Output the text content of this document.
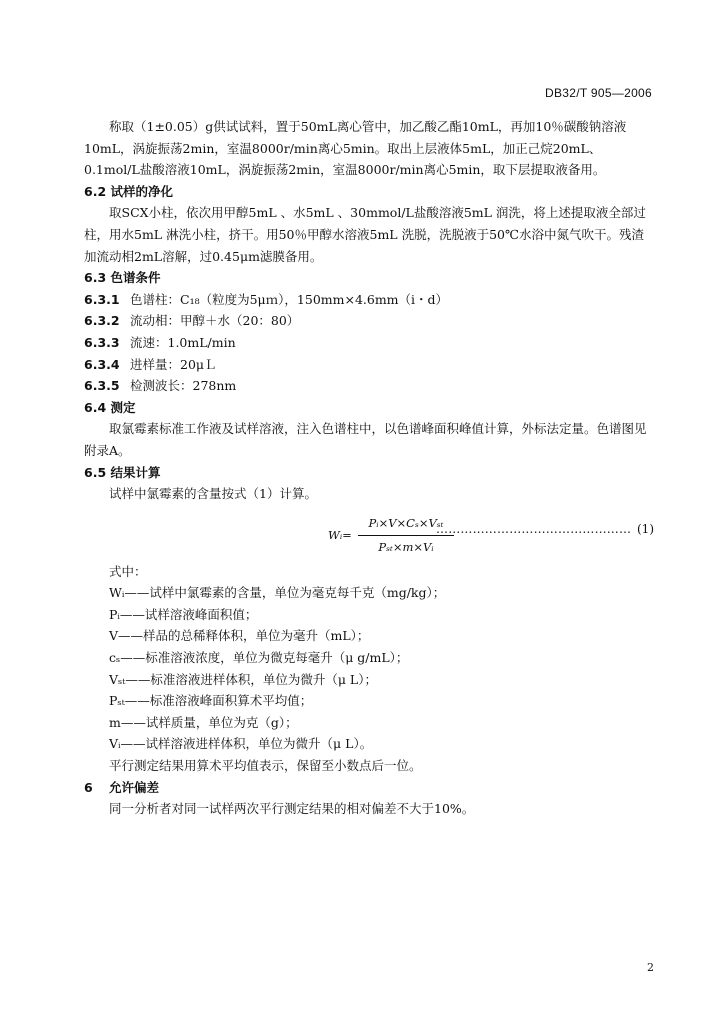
DB32/T 905—2006

称取（1±0.05）g供试试料，置于50mL离心管中，加乙酸乙酯10mL，再加10％碳酸钠溶液10mL，涡旋振荡2min，室温8000r/min离心5min。取出上层液体5mL，加正己烷20mL、0.1mol/L盐酸溶液10mL，涡旋振荡2min，室温8000r/min离心5min，取下层提取液备用。

6.2 试样的净化

取SCX小柱，依次用甲醇5mL 、水5mL 、30mmol/L盐酸溶液5mL 润洗，将上述提取液全部过柱，用水5mL 淋洗小柱，挤干。用50％甲醇水溶液5mL 洗脱，洗脱液于50℃水浴中氮气吹干。残渣加流动相2mL溶解，过0.45μm滤膜备用。

6.3 色谱条件

6.3.1 色谱柱：C₁₈（粒度为5μｍ），150mm×4.6mm（i・d）

6.3.2 流动相：甲醇＋水（20：80）

6.3.3 流速：1.0mL/min

6.3.4 进样量：20μＬ

6.3.5 检测波长：278nm

6.4 测定

取氯霉素标准工作液及试样溶液，注入色谱柱中，以色谱峰面积峰值计算，外标法定量。色谱图见附录A。

6.5 结果计算

试样中氯霉素的含量按式（1）计算。

Wᵢ=
Pᵢ×V×Cₛ×Vₛₜ
Pₛₜ×m×Vᵢ
………………………………………… (1)

式中：

Wᵢ——试样中氯霉素的含量，单位为毫克每千克（mg/kg）；

Pᵢ——试样溶液峰面积值；

V——样品的总稀释体积，单位为毫升（mL）；

cₛ——标准溶液浓度，单位为微克每毫升（μ g/mL）；

Vₛₜ——标准溶液进样体积，单位为微升（μ L）；

Pₛₜ——标准溶液峰面积算术平均值；

m——试样质量，单位为克（g）；

Vᵢ——试样溶液进样体积，单位为微升（μ L）。

平行测定结果用算术平均值表示，保留至小数点后一位。

6 允许偏差

同一分析者对同一试样两次平行测定结果的相对偏差不大于10%。

2
